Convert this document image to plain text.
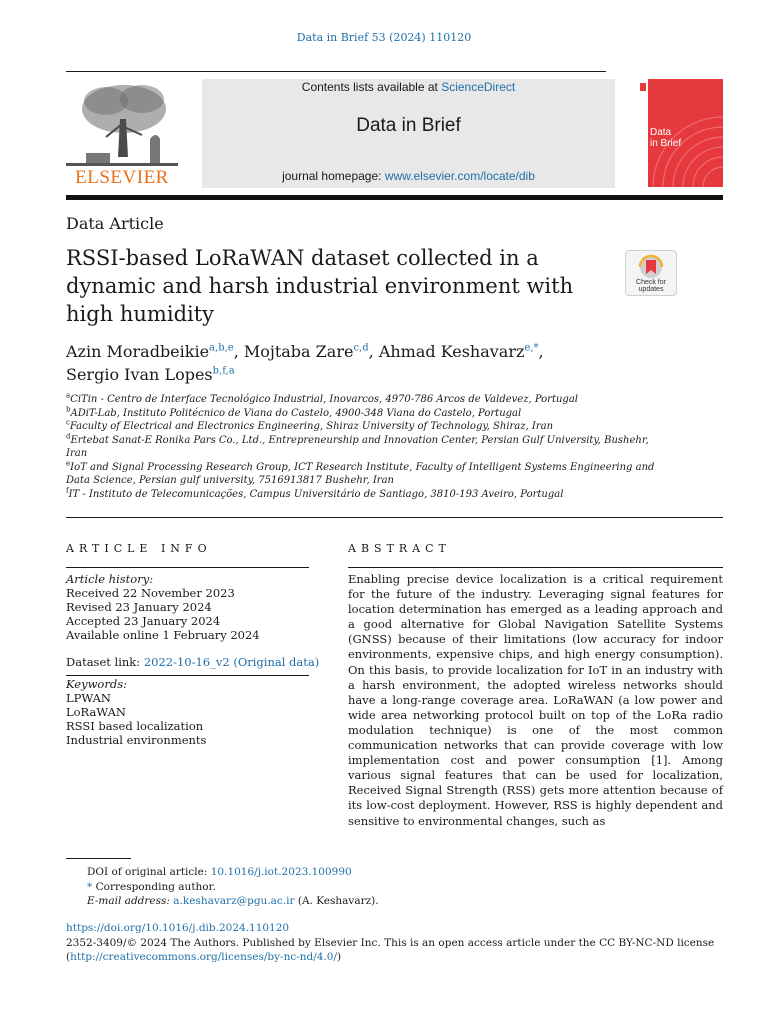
Data in Brief 53 (2024) 110120
ELSEVIER
Contents lists available at ScienceDirect
Data in Brief
journal homepage: www.elsevier.com/locate/dib
Data
in Brief
Data Article
RSSI-based LoRaWAN dataset collected in a dynamic and harsh industrial environment with high humidity
Check for
updates
Azin Moradbeikie$^{a,b,e}$, Mojtaba Zare$^{c,d}$, Ahmad Keshavarz$^{e,*}$,
Sergio Ivan Lopes$^{b,f,a}$
$^a$CiTin - Centro de Interface Tecnológico Industrial, Inovarcos, 4970-786 Arcos de Valdevez, Portugal
$^b$ADiT-Lab, Instituto Politécnico de Viana do Castelo, 4900-348 Viana do Castelo, Portugal
$^c$Faculty of Electrical and Electronics Engineering, Shiraz University of Technology, Shiraz, Iran
$^d$Ertebat Sanat-E Ronika Pars Co., Ltd., Entrepreneurship and Innovation Center, Persian Gulf University, Bushehr, Iran
$^e$IoT and Signal Processing Research Group, ICT Research Institute, Faculty of Intelligent Systems Engineering and Data Science, Persian gulf university, 7516913817 Bushehr, Iran
$^f$IT - Instituto de Telecomunicações, Campus Universitário de Santiago, 3810-193 Aveiro, Portugal
ARTICLE INFO
Article history:
Received 22 November 2023
Revised 23 January 2024
Accepted 23 January 2024
Available online 1 February 2024
Dataset link: 2022-10-16_v2 (Original data)
Keywords:
LPWAN
LoRaWAN
RSSI based localization
Industrial environments
ABSTRACT
Enabling precise device localization is a critical requirement for the future of the industry. Leveraging signal features for location determination has emerged as a leading approach and a good alternative for Global Navigation Satellite Systems (GNSS) because of their limitations (low accuracy for indoor environments, expensive chips, and high energy consumption). On this basis, to provide localization for IoT in an industry with a harsh environment, the adopted wireless networks should have a long-range coverage area. LoRaWAN (a low power and wide area networking protocol built on top of the LoRa radio modulation technique) is one of the most common communication networks that can provide coverage with low implementation cost and power consumption [1]. Among various signal features that can be used for localization, Received Signal Strength (RSS) gets more attention because of its low-cost deployment. However, RSS is highly dependent and sensitive to environmental changes, such as
DOI of original article: 10.1016/j.iot.2023.100990
* Corresponding author.
E-mail address: a.keshavarz@pgu.ac.ir (A. Keshavarz).
https://doi.org/10.1016/j.dib.2024.110120
2352-3409/© 2024 The Authors. Published by Elsevier Inc. This is an open access article under the CC BY-NC-ND license
(http://creativecommons.org/licenses/by-nc-nd/4.0/)
